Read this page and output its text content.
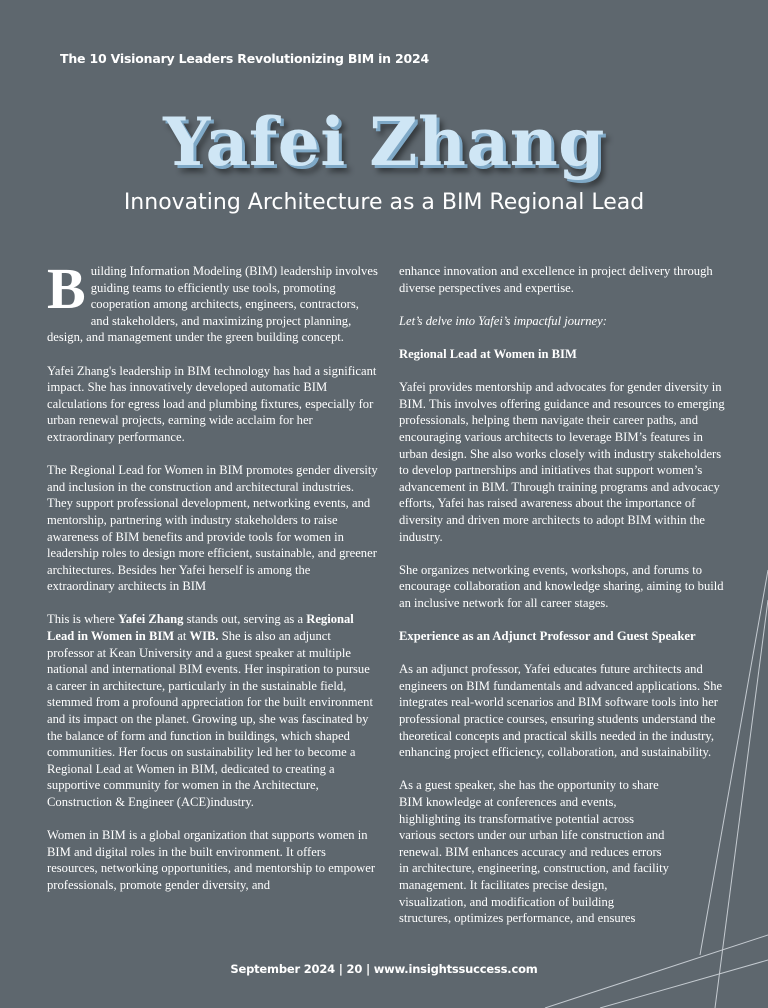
The 10 Visionary Leaders Revolutionizing BIM in 2024
Yafei Zhang
Innovating Architecture as a BIM Regional Lead

Building Information Modeling (BIM) leadership involves guiding teams to efficiently use tools, promoting cooperation among architects, engineers, contractors, and stakeholders, and maximizing project planning, design, and management under the green building concept.

Yafei Zhang's leadership in BIM technology has had a significant impact. She has innovatively developed automatic BIM calculations for egress load and plumbing fixtures, especially for urban renewal projects, earning wide acclaim for her extraordinary performance.

The Regional Lead for Women in BIM promotes gender diversity and inclusion in the construction and architectural industries. They support professional development, networking events, and mentorship, partnering with industry stakeholders to raise awareness of BIM benefits and provide tools for women in leadership roles to design more efficient, sustainable, and greener architectures. Besides her Yafei herself is among the extraordinary architects in BIM

This is where Yafei Zhang stands out, serving as a Regional Lead in Women in BIM at WIB. She is also an adjunct professor at Kean University and a guest speaker at multiple national and international BIM events. Her inspiration to pursue a career in architecture, particularly in the sustainable field, stemmed from a profound appreciation for the built environment and its impact on the planet. Growing up, she was fascinated by the balance of form and function in buildings, which shaped communities. Her focus on sustainability led her to become a Regional Lead at Women in BIM, dedicated to creating a supportive community for women in the Architecture, Construction & Engineer (ACE)industry.

Women in BIM is a global organization that supports women in BIM and digital roles in the built environment. It offers resources, networking opportunities, and mentorship to empower professionals, promote gender diversity, and

enhance innovation and excellence in project delivery through diverse perspectives and expertise.

Let’s delve into Yafei’s impactful journey:

Regional Lead at Women in BIM

Yafei provides mentorship and advocates for gender diversity in BIM. This involves offering guidance and resources to emerging professionals, helping them navigate their career paths, and encouraging various architects to leverage BIM’s features in urban design. She also works closely with industry stakeholders to develop partnerships and initiatives that support women’s advancement in BIM. Through training programs and advocacy efforts, Yafei has raised awareness about the importance of diversity and driven more architects to adopt BIM within the industry.

She organizes networking events, workshops, and forums to encourage collaboration and knowledge sharing, aiming to build an inclusive network for all career stages.

Experience as an Adjunct Professor and Guest Speaker

As an adjunct professor, Yafei educates future architects and engineers on BIM fundamentals and advanced applications. She integrates real-world scenarios and BIM software tools into her professional practice courses, ensuring students understand the theoretical concepts and practical skills needed in the industry, enhancing project efficiency, collaboration, and sustainability.

As a guest speaker, she has the opportunity to share BIM knowledge at conferences and events, highlighting its transformative potential across various sectors under our urban life construction and renewal. BIM enhances accuracy and reduces errors in architecture, engineering, construction, and facility management. It facilitates precise design, visualization, and modification of building structures, optimizes performance, and ensures

September 2024 | 20 | www.insightssuccess.com
